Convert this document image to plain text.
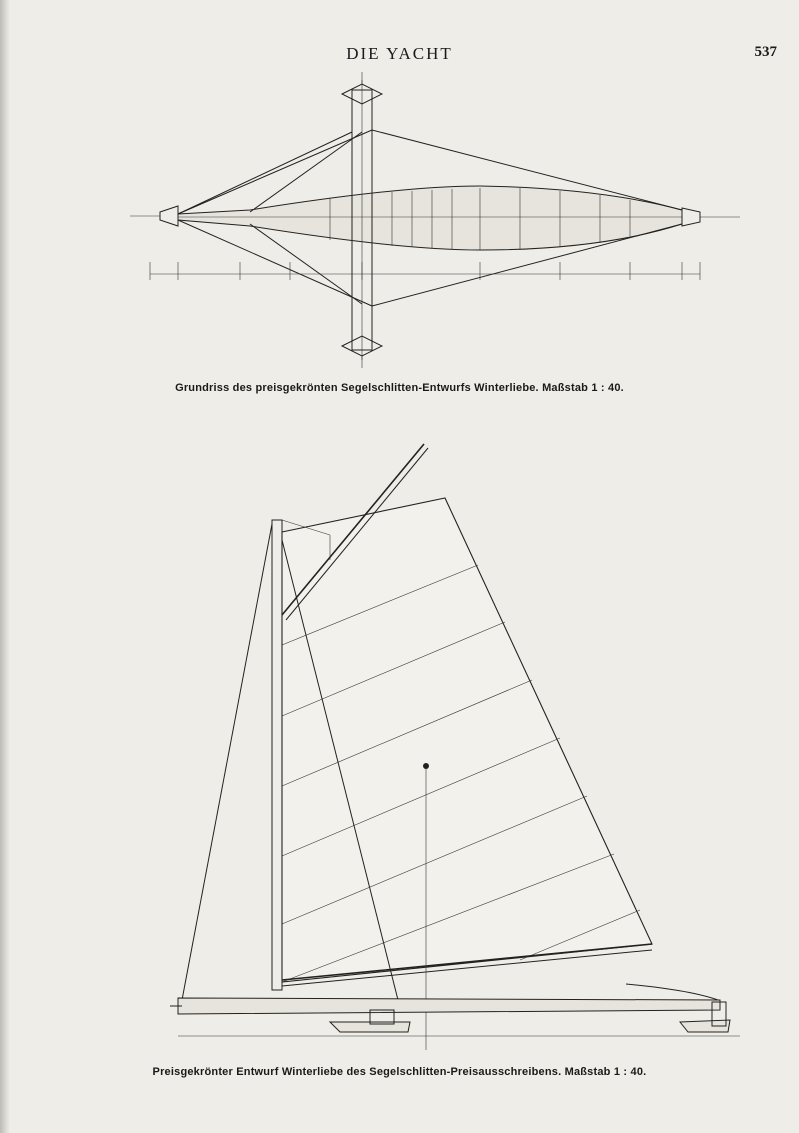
DIE YACHT	537
Grundriss des preisgekrönten Segelschlitten-Entwurfs Winterliebe. Maßstab 1 : 40.
Preisgekrönter Entwurf Winterliebe des Segelschlitten-Preisausschreibens. Maßstab 1 : 40.
